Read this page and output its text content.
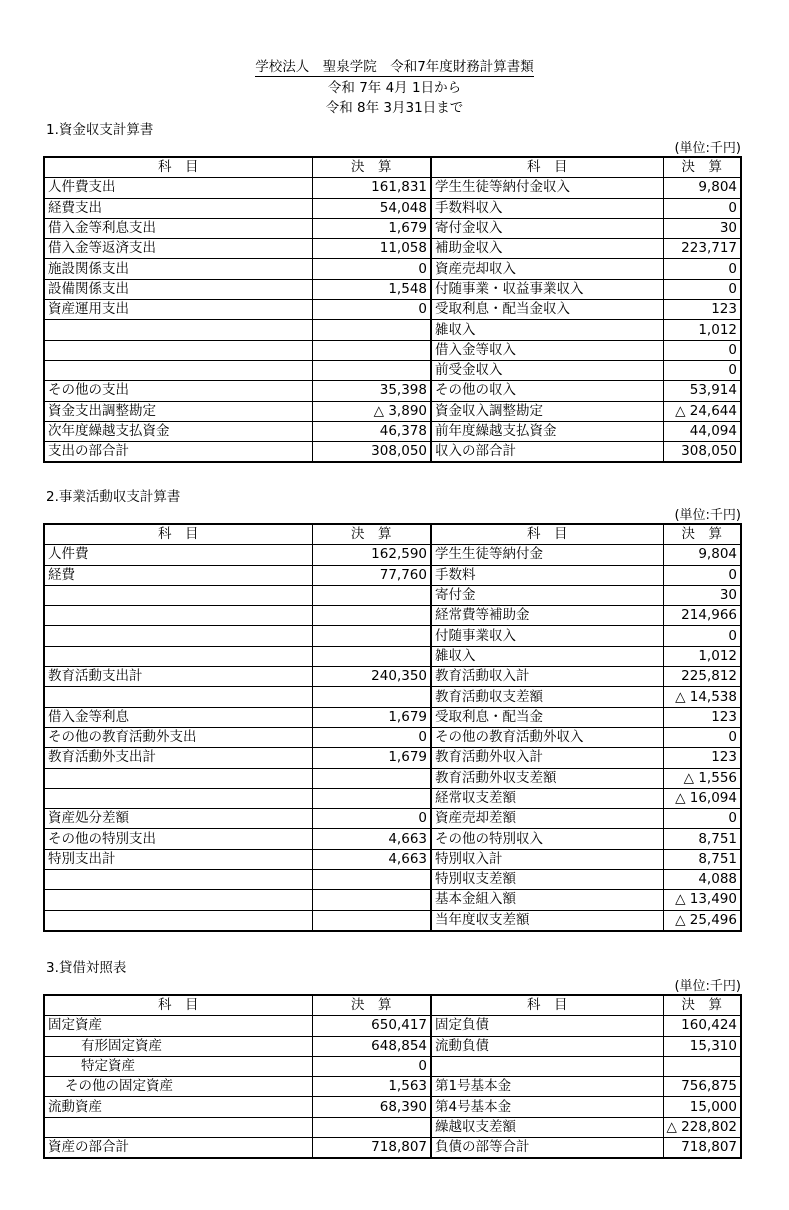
学校法人　聖泉学院　令和7年度財務計算書類
令和 7年 4月 1日から
令和 8年 3月31日まで
1.資金収支計算書
(単位:千円)
科　目	決　算	科　目	決　算
人件費支出	161,831	学生生徒等納付金収入	9,804
経費支出	54,048	手数料収入	0
借入金等利息支出	1,679	寄付金収入	30
借入金等返済支出	11,058	補助金収入	223,717
施設関係支出	0	資産売却収入	0
設備関係支出	1,548	付随事業・収益事業収入	0
資産運用支出	0	受取利息・配当金収入	123
		雑収入	1,012
		借入金等収入	0
		前受金収入	0
その他の支出	35,398	その他の収入	53,914
資金支出調整勘定	△ 3,890	資金収入調整勘定	△ 24,644
次年度繰越支払資金	46,378	前年度繰越支払資金	44,094
支出の部合計	308,050	収入の部合計	308,050
2.事業活動収支計算書
(単位:千円)
科　目	決　算	科　目	決　算
人件費	162,590	学生生徒等納付金	9,804
経費	77,760	手数料	0
		寄付金	30
		経常費等補助金	214,966
		付随事業収入	0
		雑収入	1,012
教育活動支出計	240,350	教育活動収入計	225,812
		教育活動収支差額	△ 14,538
借入金等利息	1,679	受取利息・配当金	123
その他の教育活動外支出	0	その他の教育活動外収入	0
教育活動外支出計	1,679	教育活動外収入計	123
		教育活動外収支差額	△ 1,556
		経常収支差額	△ 16,094
資産処分差額	0	資産売却差額	0
その他の特別支出	4,663	その他の特別収入	8,751
特別支出計	4,663	特別収入計	8,751
		特別収支差額	4,088
		基本金組入額	△ 13,490
		当年度収支差額	△ 25,496
3.貸借対照表
(単位:千円)
科　目	決　算	科　目	決　算
固定資産	650,417	固定負債	160,424
有形固定資産	648,854	流動負債	15,310
特定資産	0		
その他の固定資産	1,563	第1号基本金	756,875
流動資産	68,390	第4号基本金	15,000
		繰越収支差額	△ 228,802
資産の部合計	718,807	負債の部等合計	718,807
